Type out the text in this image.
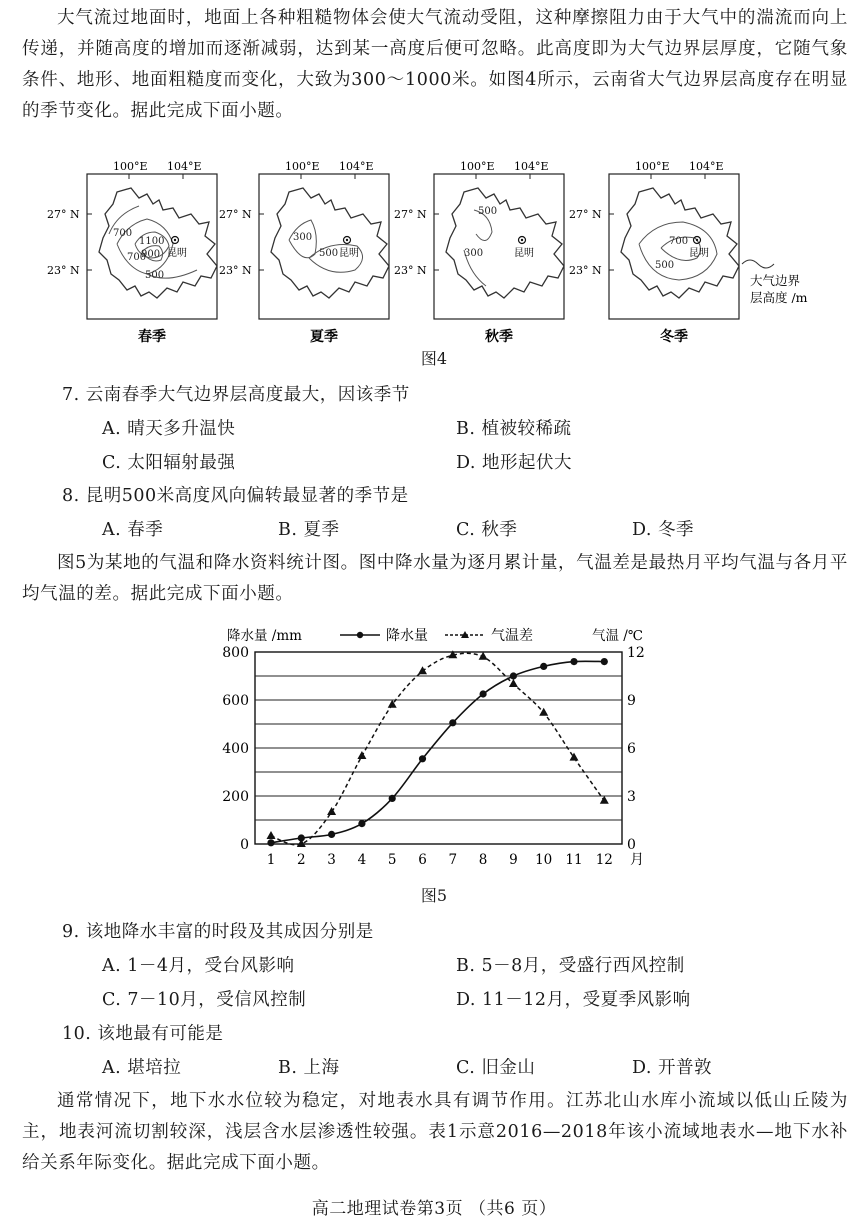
大气流过地面时，地面上各种粗糙物体会使大气流动受阻，这种摩擦阻力由于大气中的湍流而向上传递，并随高度的增加而逐渐减弱，达到某一高度后便可忽略。此高度即为大气边界层厚度，它随气象条件、地形、地面粗糙度而变化，大致为300～1000米。如图4所示，云南省大气边界层高度存在明显的季节变化。据此完成下面小题。

700
1100
900
700
500
昆明
100°E 104°E
27° N
23° N
春季
300
500 昆明
100°E 104°E
27° N
23° N
夏季
500
300	昆明
100°E 104°E
27° N
23° N
秋季
700
500
昆明
100°E 104°E
27° N
23° N
冬季
大气边界
层高度 /m
图4
7. 云南春季大气边界层高度最大，因该季节
A. 晴天多升温快	B. 植被较稀疏
C. 太阳辐射最强	D. 地形起伏大
8. 昆明500米高度风向偏转最显著的季节是
A. 春季	B. 夏季	C. 秋季	D. 冬季

图5为某地的气温和降水资料统计图。图中降水量为逐月累计量，气温差是最热月平均气温与各月平均气温的差。据此完成下面小题。

0
200
400
600
800
0
3
6
9
12
1 2 3 4 5 6 7 8 9 10 11 12 月
降水量 /mm	气温 /℃
降水量	气温差
图5
9. 该地降水丰富的时段及其成因分别是
A. 1－4月，受台风影响	B. 5－8月，受盛行西风控制
C. 7－10月，受信风控制	D. 11－12月，受夏季风影响
10. 该地最有可能是
A. 堪培拉	B. 上海	C. 旧金山	D. 开普敦

通常情况下，地下水水位较为稳定，对地表水具有调节作用。江苏北山水库小流域以低山丘陵为主，地表河流切割较深，浅层含水层渗透性较强。表1示意2016—2018年该小流域地表水—地下水补给关系年际变化。据此完成下面小题。

高二地理试卷第3页 （共6 页）
